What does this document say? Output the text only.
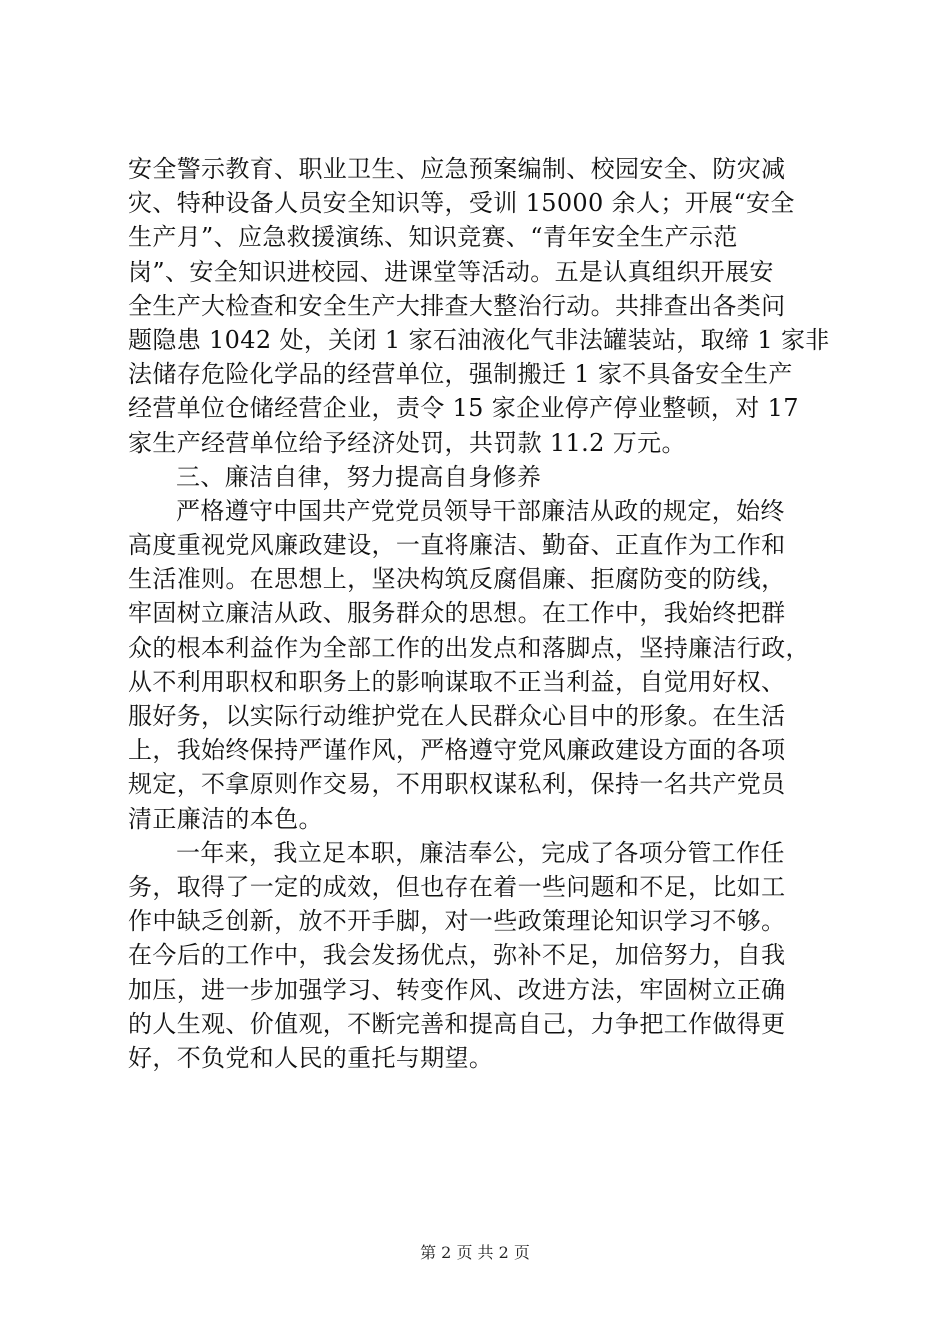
安全警示教育、职业卫生、应急预案编制、校园安全、防灾减
灾、特种设备人员安全知识等，受训 15000 余人；开展“安全
生产月”、应急救援演练、知识竞赛、“青年安全生产示范
岗”、安全知识进校园、进课堂等活动。五是认真组织开展安
全生产大检查和安全生产大排查大整治行动。共排查出各类问
题隐患 1042 处，关闭 1 家石油液化气非法罐装站，取缔 1 家非
法储存危险化学品的经营单位，强制搬迁 1 家不具备安全生产
经营单位仓储经营企业，责令 15 家企业停产停业整顿，对 17
家生产经营单位给予经济处罚，共罚款 11.2 万元。
三、廉洁自律，努力提高自身修养
严格遵守中国共产党党员领导干部廉洁从政的规定，始终
高度重视党风廉政建设，一直将廉洁、勤奋、正直作为工作和
生活准则。在思想上，坚决构筑反腐倡廉、拒腐防变的防线，
牢固树立廉洁从政、服务群众的思想。在工作中，我始终把群
众的根本利益作为全部工作的出发点和落脚点，坚持廉洁行政，
从不利用职权和职务上的影响谋取不正当利益，自觉用好权、
服好务，以实际行动维护党在人民群众心目中的形象。在生活
上，我始终保持严谨作风，严格遵守党风廉政建设方面的各项
规定，不拿原则作交易，不用职权谋私利，保持一名共产党员
清正廉洁的本色。
一年来，我立足本职，廉洁奉公，完成了各项分管工作任
务，取得了一定的成效，但也存在着一些问题和不足，比如工
作中缺乏创新，放不开手脚，对一些政策理论知识学习不够。
在今后的工作中，我会发扬优点，弥补不足，加倍努力，自我
加压，进一步加强学习、转变作风、改进方法，牢固树立正确
的人生观、价值观，不断完善和提高自己，力争把工作做得更
好，不负党和人民的重托与期望。
第 2 页 共 2 页
